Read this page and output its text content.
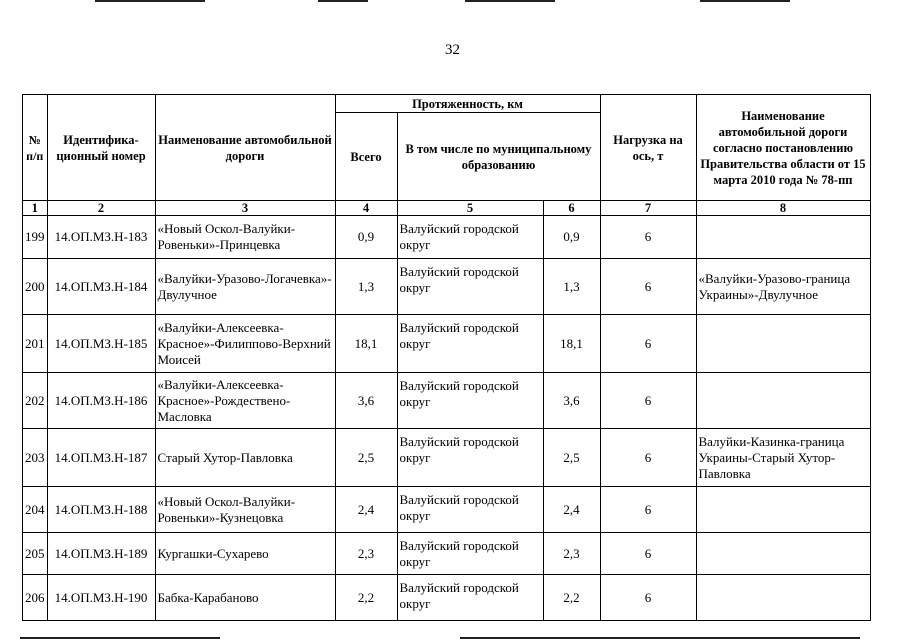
32
№ п/п	Идентифика-ционный номер	Наименование автомобильной дороги	Протяженность, км			Нагрузка на ось, т	Наименование автомобильной дороги согласно постановлению Правительства области от 15 марта 2010 года № 78-пп
			Всего	В том числе по муниципальному образованию			
1	2	3	4	5	6	7	8
199	14.ОП.МЗ.Н-183	«Новый Оскол-Валуйки-Ровеньки»-Принцевка	0,9	Валуйский городской округ	0,9	6	
200	14.ОП.МЗ.Н-184	«Валуйки-Уразово-Логачевка»-Двулучное	1,3	Валуйский городской округ	1,3	6	«Валуйки-Уразово-граница Украины»-Двулучное
201	14.ОП.МЗ.Н-185	«Валуйки-Алексеевка-Красное»-Филиппово-Верхний Моисей	18,1	Валуйский городской округ	18,1	6	
202	14.ОП.МЗ.Н-186	«Валуйки-Алексеевка-Красное»-Рождествено-Масловка	3,6	Валуйский городской округ	3,6	6	
203	14.ОП.МЗ.Н-187	Старый Хутор-Павловка	2,5	Валуйский городской округ	2,5	6	Валуйки-Казинка-граница Украины-Старый Хутор-Павловка
204	14.ОП.МЗ.Н-188	«Новый Оскол-Валуйки-Ровеньки»-Кузнецовка	2,4	Валуйский городской округ	2,4	6	
205	14.ОП.МЗ.Н-189	Кургашки-Сухарево	2,3	Валуйский городской округ	2,3	6	
206	14.ОП.МЗ.Н-190	Бабка-Карабаново	2,2	Валуйский городской округ	2,2	6	
